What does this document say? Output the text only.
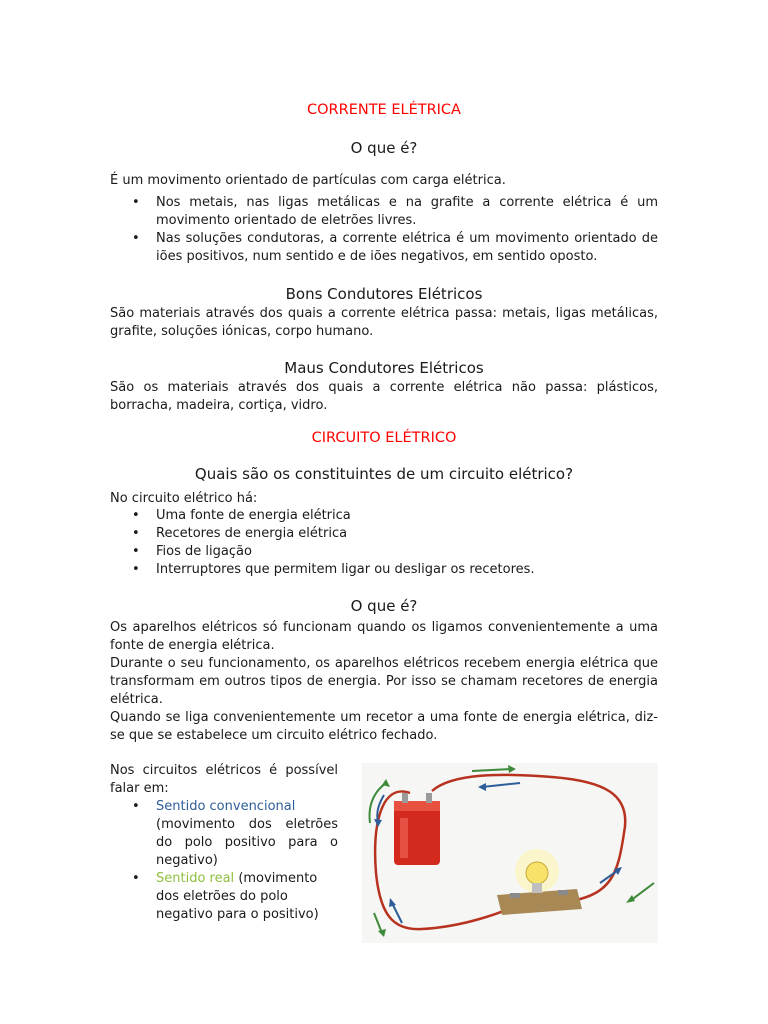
CORRENTE ELÉTRICA
O que é?
É um movimento orientado de partículas com carga elétrica.
• Nos metais, nas ligas metálicas e na grafite a corrente elétrica é um movimento orientado de eletrões livres.
• Nas soluções condutoras, a corrente elétrica é um movimento orientado de iões positivos, num sentido e de iões negativos, em sentido oposto.
Bons Condutores Elétricos
São materiais através dos quais a corrente elétrica passa: metais, ligas metálicas, grafite, soluções iónicas, corpo humano.
Maus Condutores Elétricos
São os materiais através dos quais a corrente elétrica não passa: plásticos, borracha, madeira, cortiça, vidro.
CIRCUITO ELÉTRICO
Quais são os constituintes de um circuito elétrico?
No circuito elétrico há:
• Uma fonte de energia elétrica
• Recetores de energia elétrica
• Fios de ligação
• Interruptores que permitem ligar ou desligar os recetores.
O que é?
Os aparelhos elétricos só funcionam quando os ligamos convenientemente a uma fonte de energia elétrica.
Durante o seu funcionamento, os aparelhos elétricos recebem energia elétrica que transformam em outros tipos de energia. Por isso se chamam recetores de energia elétrica.
Quando se liga convenientemente um recetor a uma fonte de energia elétrica, diz-se que se estabelece um circuito elétrico fechado.
Nos circuitos elétricos é possível falar em:
• Sentido convencional
(movimento dos eletrões do polo positivo para o negativo)
• Sentido real (movimento dos eletrões do polo negativo para o positivo)
